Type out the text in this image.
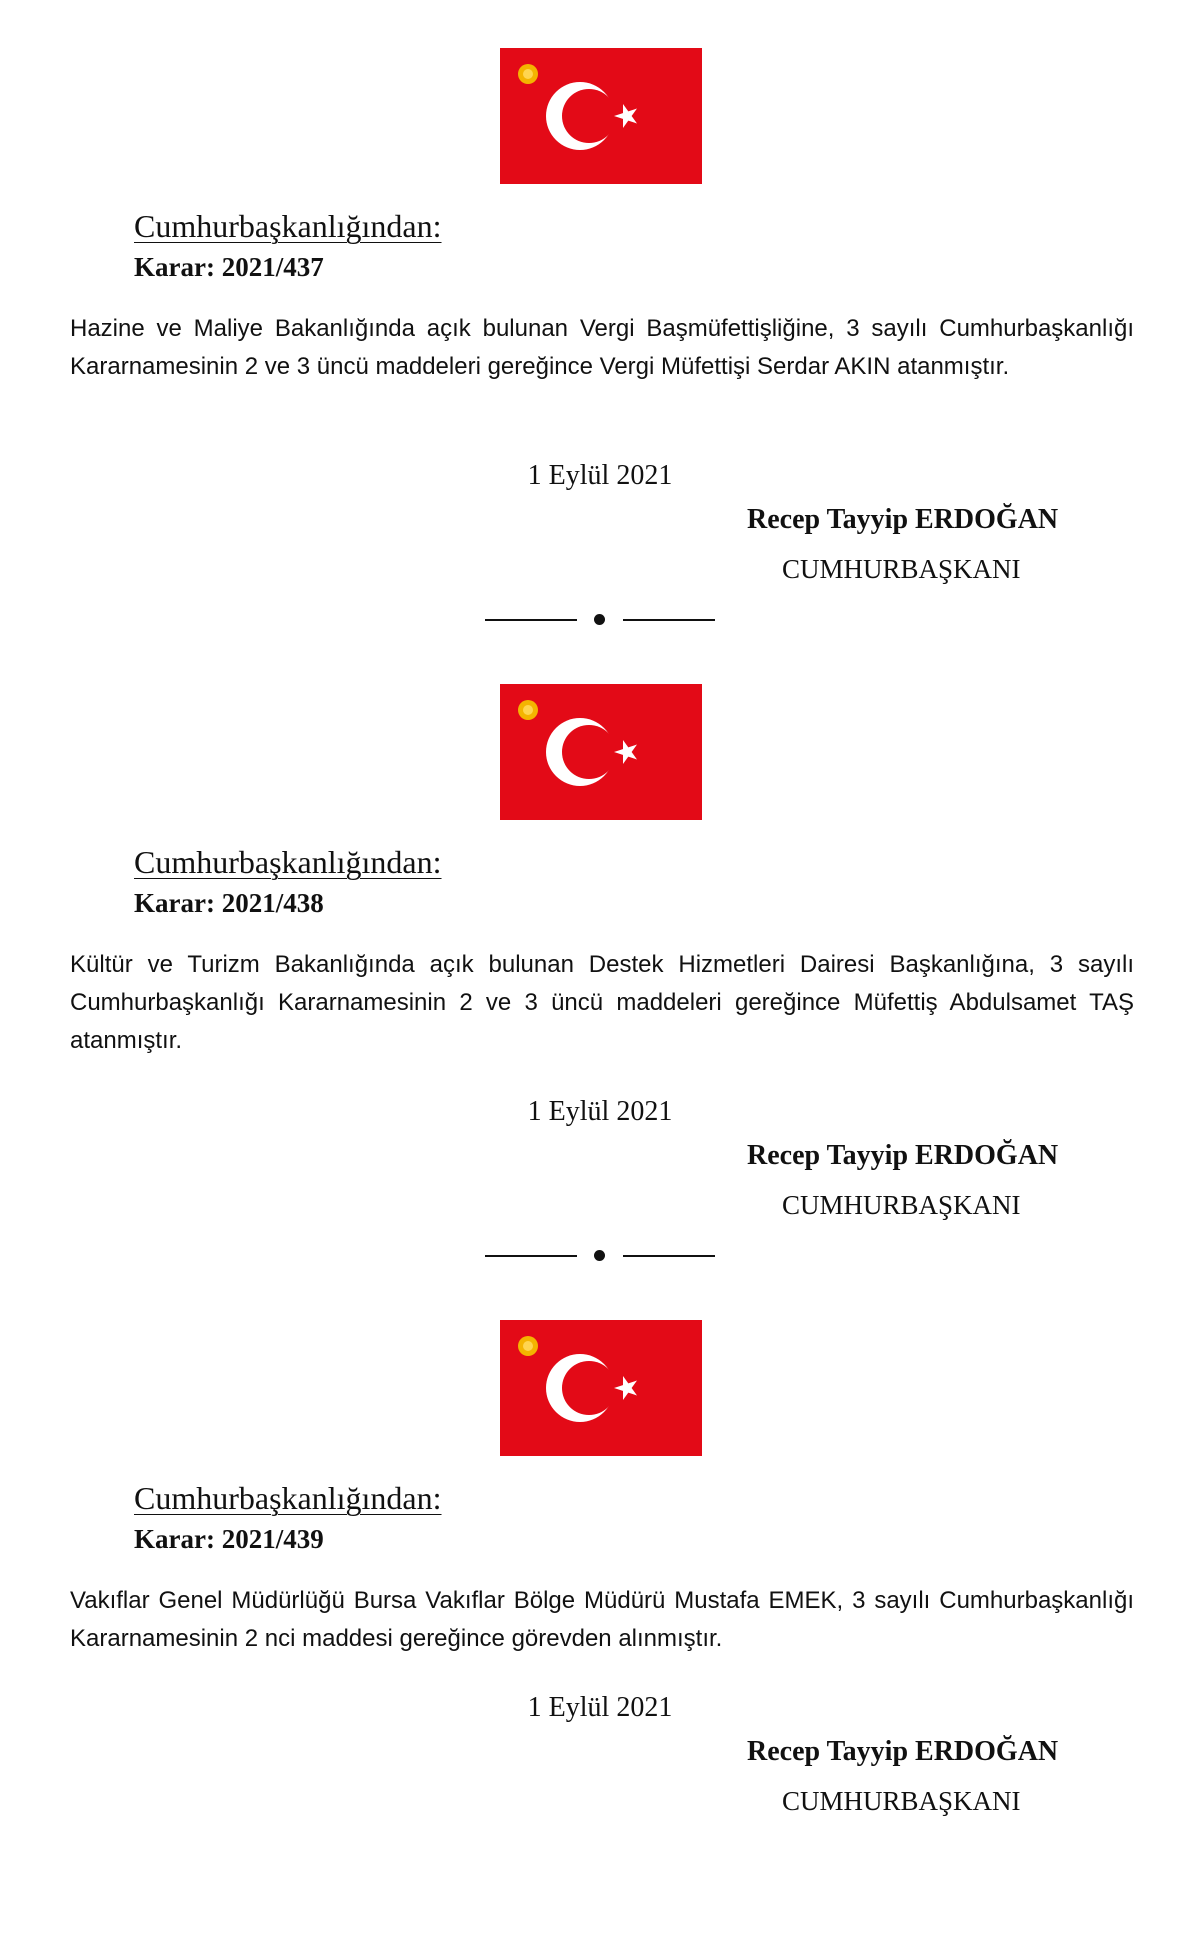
Cumhurbaşkanlığından:
Karar: 2021/437

Hazine ve Maliye Bakanlığında açık bulunan Vergi Başmüfettişliğine, 3 sayılı Cumhurbaşkanlığı Kararnamesinin 2 ve 3 üncü maddeleri gereğince Vergi Müfettişi Serdar AKIN atanmıştır.

1 Eylül 2021
Recep Tayyip ERDOĞAN
CUMHURBAŞKANI
Cumhurbaşkanlığından:
Karar: 2021/438

Kültür ve Turizm Bakanlığında açık bulunan Destek Hizmetleri Dairesi Başkanlığına, 3 sayılı Cumhurbaşkanlığı Kararnamesinin 2 ve 3 üncü maddeleri gereğince Müfettiş Abdulsamet TAŞ atanmıştır.

1 Eylül 2021
Recep Tayyip ERDOĞAN
CUMHURBAŞKANI
Cumhurbaşkanlığından:
Karar: 2021/439

Vakıflar Genel Müdürlüğü Bursa Vakıflar Bölge Müdürü Mustafa EMEK, 3 sayılı Cumhurbaşkanlığı Kararnamesinin 2 nci maddesi gereğince görevden alınmıştır.

1 Eylül 2021
Recep Tayyip ERDOĞAN
CUMHURBAŞKANI
